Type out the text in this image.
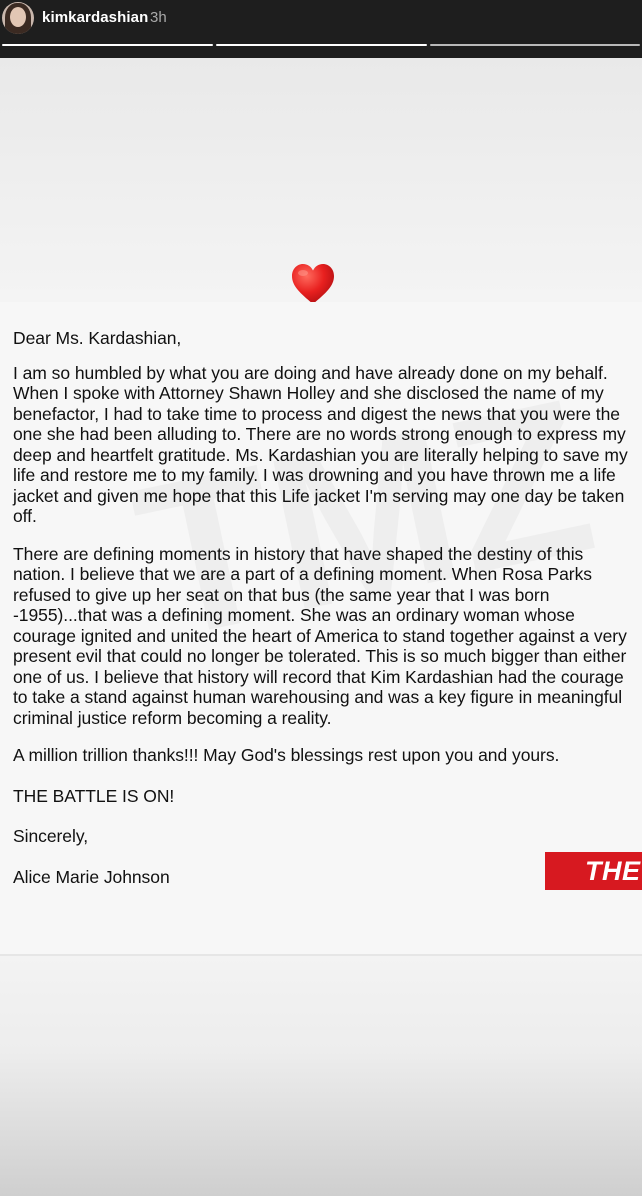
kimkardashian 3h

Dear Ms. Kardashian,

I am so humbled by what you are doing and have already done on my behalf. When I spoke with Attorney Shawn Holley and she disclosed the name of my benefactor, I had to take time to process and digest the news that you were the one she had been alluding to. There are no words strong enough to express my deep and heartfelt gratitude. Ms. Kardashian you are literally helping to save my life and restore me to my family. I was drowning and you have thrown me a life jacket and given me hope that this Life jacket I'm serving may one day be taken off.

There are defining moments in history that have shaped the destiny of this nation. I believe that we are a part of a defining moment. When Rosa Parks refused to give up her seat on that bus (the same year that I was born -1955)...that was a defining moment. She was an ordinary woman whose courage ignited and united the heart of America to stand together against a very present evil that could no longer be tolerated. This is so much bigger than either one of us. I believe that history will record that Kim Kardashian had the courage to take a stand against human warehousing and was a key figure in meaningful criminal justice reform becoming a reality.

A million trillion thanks!!! May God's blessings rest upon you and yours.

THE BATTLE IS ON!

Sincerely,

Alice Marie Johnson	THE
